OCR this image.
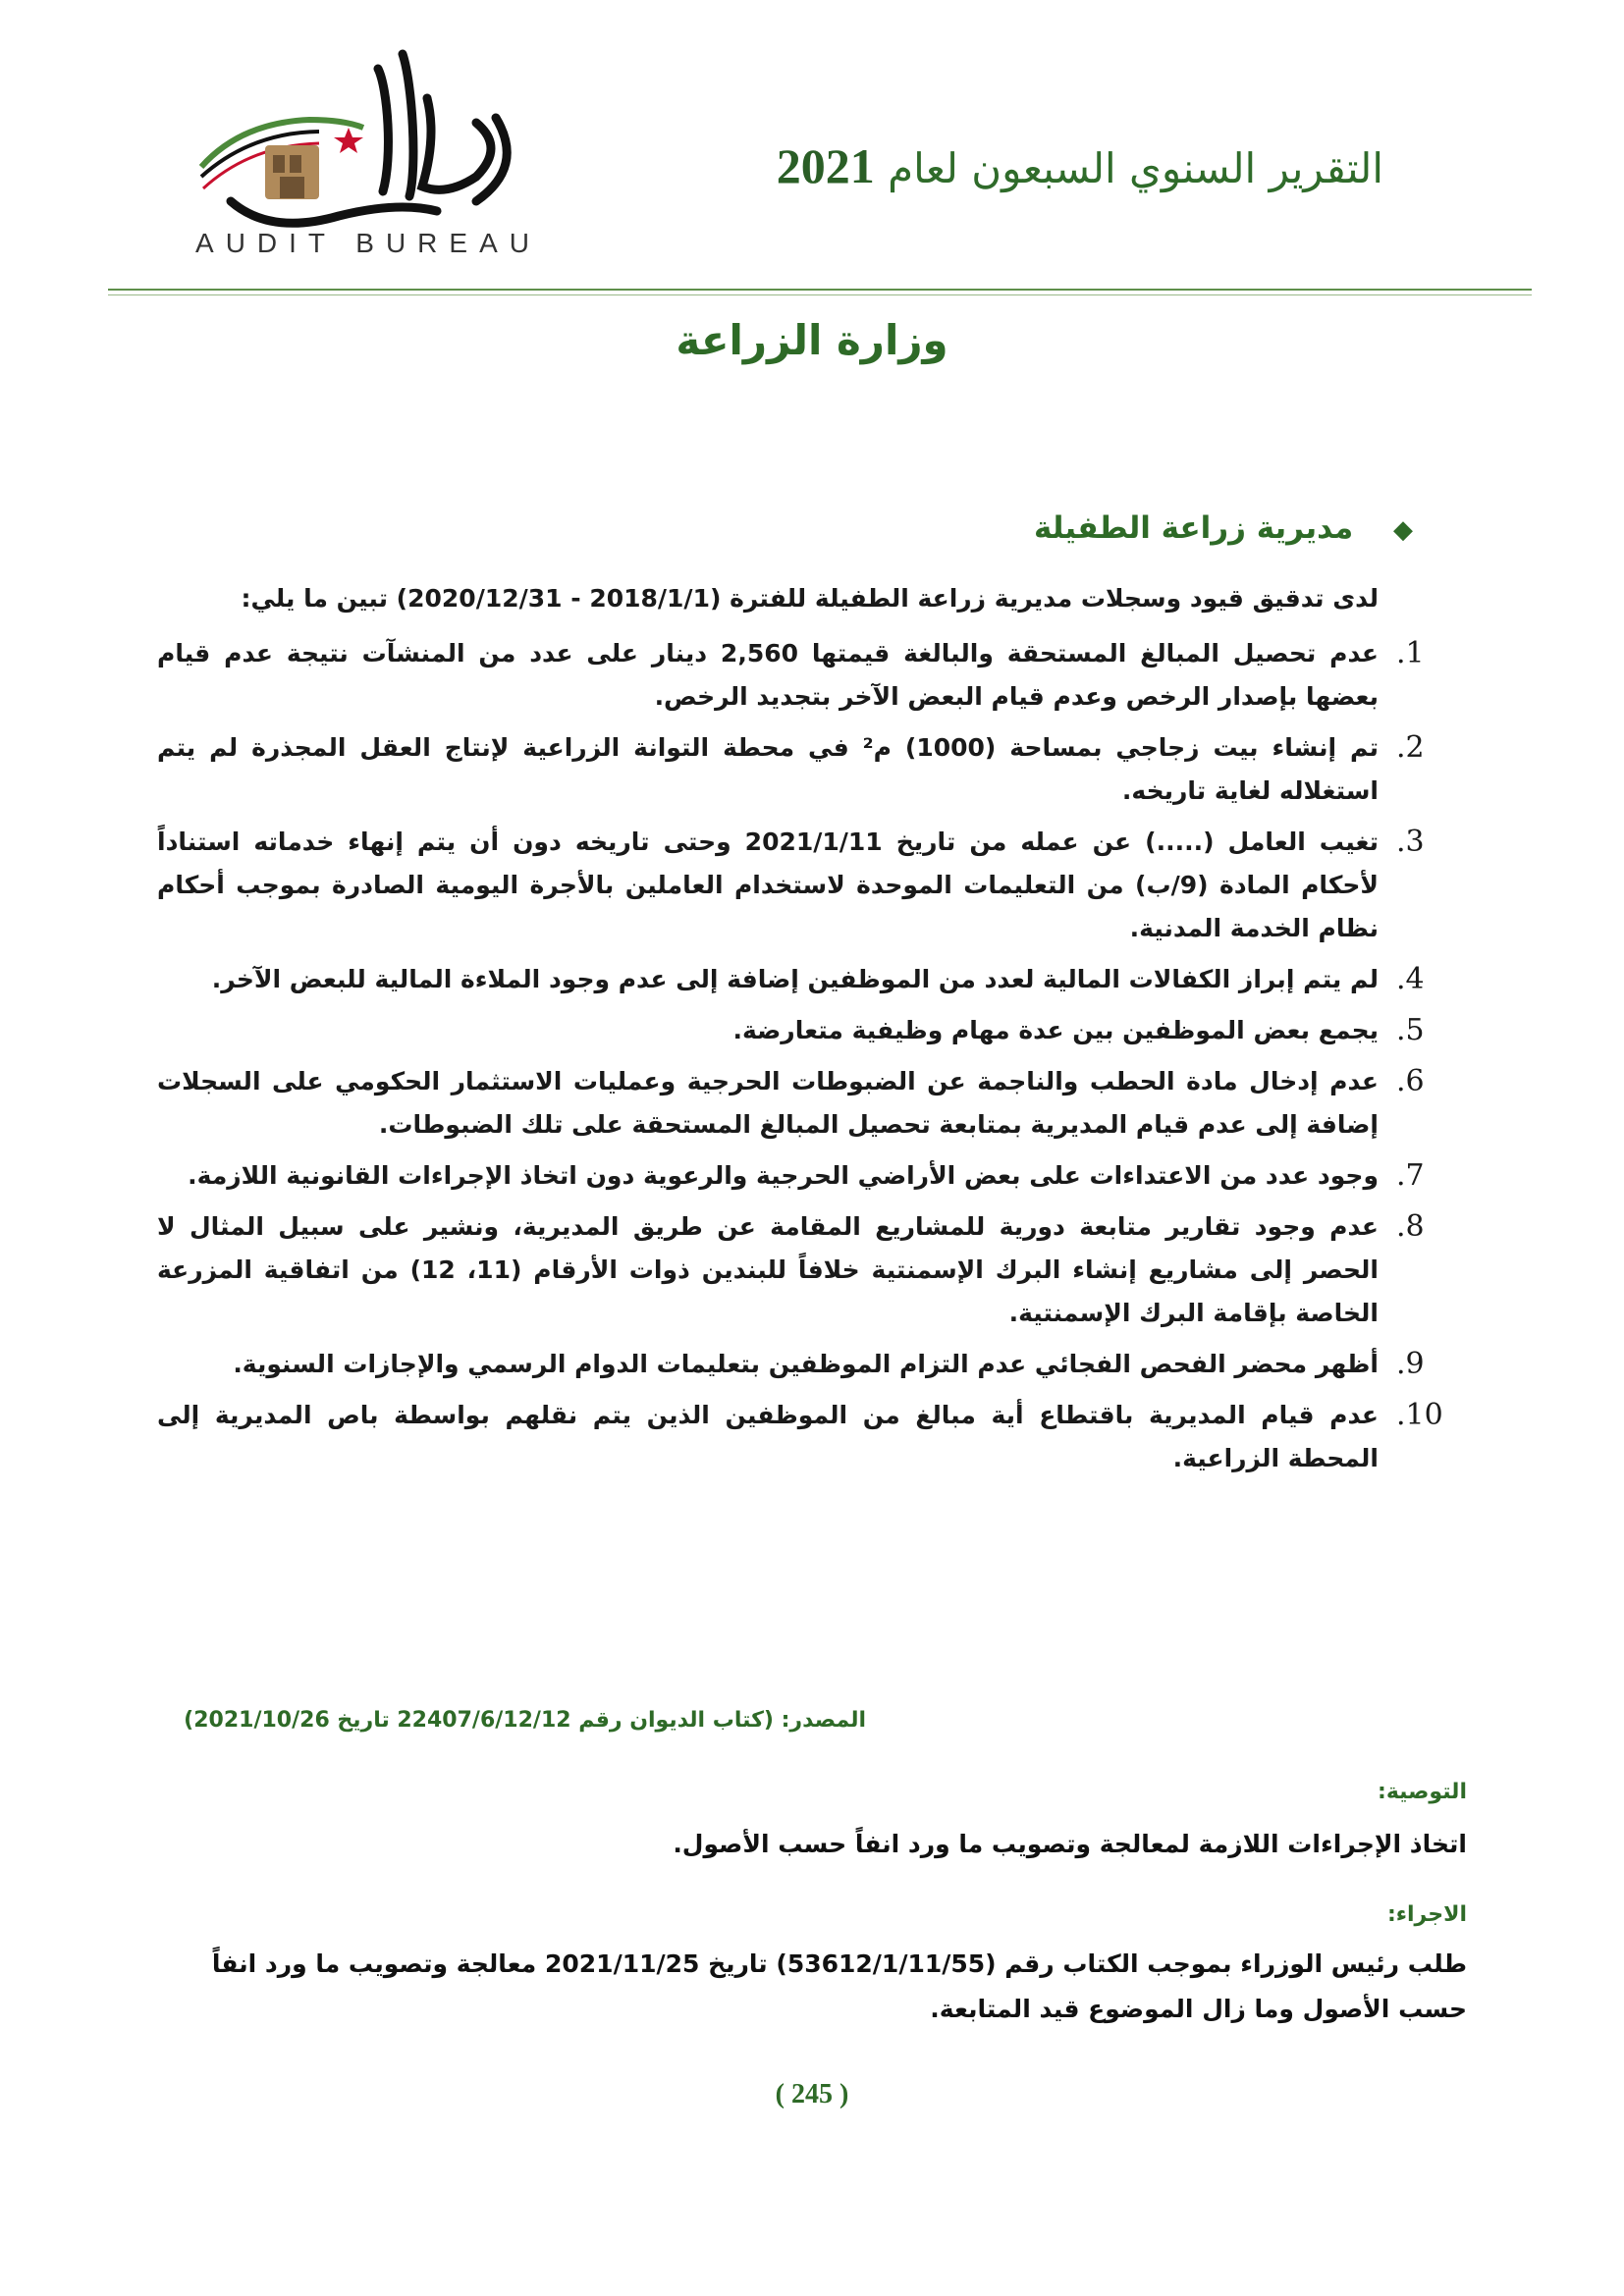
AUDIT BUREAU
التقرير السنوي السبعون لعام 2021
وزارة الزراعة
◆ مديرية زراعة الطفيلة

لدى تدقيق قيود وسجلات مديرية زراعة الطفيلة للفترة (2018/1/1 - 2020/12/31) تبين ما يلي:

1.
عدم تحصيل المبالغ المستحقة والبالغة قيمتها 2,560 دينار على عدد من المنشآت نتيجة عدم قيام بعضها بإصدار الرخص وعدم قيام البعض الآخر بتجديد الرخص.
2.
تم إنشاء بيت زجاجي بمساحة (1000) م² في محطة التوانة الزراعية لإنتاج العقل المجذرة لم يتم استغلاله لغاية تاريخه.
3.
تغيب العامل (.....) عن عمله من تاريخ 2021/1/11 وحتى تاريخه دون أن يتم إنهاء خدماته استناداً لأحكام المادة (9/ب) من التعليمات الموحدة لاستخدام العاملين بالأجرة اليومية الصادرة بموجب أحكام نظام الخدمة المدنية.
4.
لم يتم إبراز الكفالات المالية لعدد من الموظفين إضافة إلى عدم وجود الملاءة المالية للبعض الآخر.
5.
يجمع بعض الموظفين بين عدة مهام وظيفية متعارضة.
6.
عدم إدخال مادة الحطب والناجمة عن الضبوطات الحرجية وعمليات الاستثمار الحكومي على السجلات إضافة إلى عدم قيام المديرية بمتابعة تحصيل المبالغ المستحقة على تلك الضبوطات.
7.
وجود عدد من الاعتداءات على بعض الأراضي الحرجية والرعوية دون اتخاذ الإجراءات القانونية اللازمة.
8.
عدم وجود تقارير متابعة دورية للمشاريع المقامة عن طريق المديرية، ونشير على سبيل المثال لا الحصر إلى مشاريع إنشاء البرك الإسمنتية خلافاً للبندين ذوات الأرقام (11، 12) من اتفاقية المزرعة الخاصة بإقامة البرك الإسمنتية.
9.
أظهر محضر الفحص الفجائي عدم التزام الموظفين بتعليمات الدوام الرسمي والإجازات السنوية.
10.
عدم قيام المديرية باقتطاع أية مبالغ من الموظفين الذين يتم نقلهم بواسطة باص المديرية إلى المحطة الزراعية.
المصدر: (كتاب الديوان رقم 22407/6/12/12 تاريخ 2021/10/26)
التوصية:
اتخاذ الإجراءات اللازمة لمعالجة وتصويب ما ورد انفاً حسب الأصول.
الاجراء:
طلب رئيس الوزراء بموجب الكتاب رقم (53612/1/11/55) تاريخ 2021/11/25 معالجة وتصويب ما ورد انفاً حسب الأصول وما زال الموضوع قيد المتابعة.
( 245 )
